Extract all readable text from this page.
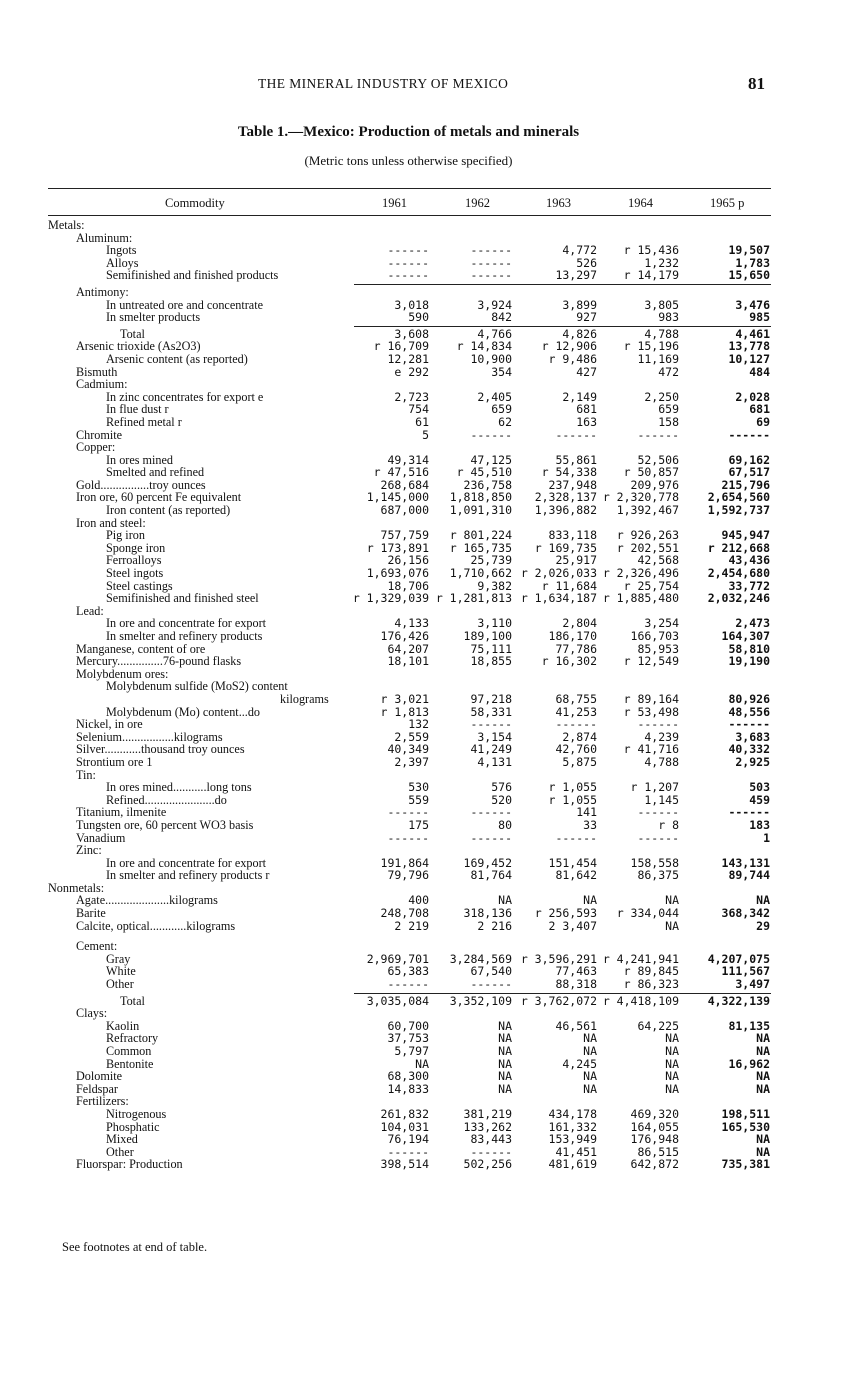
THE MINERAL INDUSTRY OF MEXICO	81
Table 1.—Mexico: Production of metals and minerals
(Metric tons unless otherwise specified)
Commodity	1961	1962	1963	1964	1965 p
Metals:
Aluminum:
Ingots	------	------	4,772 r 15,436	19,507
Alloys	------	------	526	1,232	1,783
Semifinished and finished products	------	------	13,297 r 14,179	15,650
Antimony:
In untreated ore and concentrate	3,018	3,924	3,899	3,805	3,476
In smelter products	590	842	927	983	985
Total	3,608	4,766	4,826	4,788	4,461
Arsenic trioxide (As2O3)	r 16,709 r 14,834	r 12,906 r 15,196	13,778
Arsenic content (as reported)	12,281	10,900	r 9,486	11,169	10,127
Bismuth	e 292	354	427	472	484
Cadmium:
In zinc concentrates for export e	2,723	2,405	2,149	2,250	2,028
In flue dust r	754	659	681	659	681
Refined metal r	61	62	163	158	69
Chromite	5	------	------	------	------
Copper:
In ores mined	49,314	47,125	55,861	52,506	69,162
Smelted and refined	r 47,516 r 45,510	r 54,338 r 50,857	67,517
Gold................troy ounces	268,684	236,758	237,948	209,976	215,796
Iron ore, 60 percent Fe equivalent	1,145,000 1,818,850 2,328,137 r 2,320,778 2,654,560
Iron content (as reported)	687,000 1,091,310 1,396,882 1,392,467 1,592,737
Iron and steel:
Pig iron	757,759 r 801,224	833,118 r 926,263	945,947
Sponge iron	r 173,891 r 165,735 r 169,735 r 202,551 r 212,668
Ferroalloys	26,156	25,739	25,917	42,568	43,436
Steel ingots	1,693,076 1,710,662 r 2,026,033 r 2,326,496 2,454,680
Steel castings	18,706	9,382	r 11,684 r 25,754	33,772
Semifinished and finished steel	r 1,329,039 r 1,281,813 r 1,634,187 r 1,885,480 2,032,246
Lead:
In ore and concentrate for export	4,133	3,110	2,804	3,254	2,473
In smelter and refinery products	176,426	189,100	186,170	166,703	164,307
Manganese, content of ore	64,207	75,111	77,786	85,953	58,810
Mercury...............76-pound flasks	18,101	18,855	r 16,302 r 12,549	19,190
Molybdenum ores:
Molybdenum sulfide (MoS2) content
kilograms	r 3,021	97,218	68,755 r 89,164	80,926
Molybdenum (Mo) content...do	r 1,813	58,331	41,253 r 53,498	48,556
Nickel, in ore	132	------	------	------	------
Selenium.................kilograms	2,559	3,154	2,874	4,239	3,683
Silver............thousand troy ounces	40,349	41,249	42,760 r 41,716	40,332
Strontium ore 1	2,397	4,131	5,875	4,788	2,925
Tin:
In ores mined...........long tons	530	576	r 1,055	r 1,207	503
Refined.......................do	559	520	r 1,055	1,145	459
Titanium, ilmenite	------	------	141	------	------
Tungsten ore, 60 percent WO3 basis	175	80	33	r 8	183
Vanadium	------	------	------	------	1
Zinc:
In ore and concentrate for export	191,864	169,452	151,454	158,558	143,131
In smelter and refinery products r	79,796	81,764	81,642	86,375	89,744
Nonmetals:
Agate.....................kilograms	400	NA	NA	NA	NA
Barite	248,708	318,136 r 256,593 r 334,044	368,342
Calcite, optical............kilograms	2 219	2 216	2 3,407	NA	29
Cement:
Gray	2,969,701 3,284,569 r 3,596,291 r 4,241,941 4,207,075
White	65,383	67,540	77,463 r 89,845	111,567
Other	------	------	88,318 r 86,323	3,497
Total	3,035,084 3,352,109 r 3,762,072 r 4,418,109 4,322,139
Clays:
Kaolin	60,700	NA	46,561	64,225	81,135
Refractory	37,753	NA	NA	NA	NA
Common	5,797	NA	NA	NA	NA
Bentonite	NA	NA	4,245	NA	16,962
Dolomite	68,300	NA	NA	NA	NA
Feldspar	14,833	NA	NA	NA	NA
Fertilizers:
Nitrogenous	261,832	381,219	434,178	469,320	198,511
Phosphatic	104,031	133,262	161,332	164,055	165,530
Mixed	76,194	83,443	153,949	176,948	NA
Other	------	------	41,451	86,515	NA
Fluorspar: Production	398,514	502,256	481,619	642,872	735,381
See footnotes at end of table.
